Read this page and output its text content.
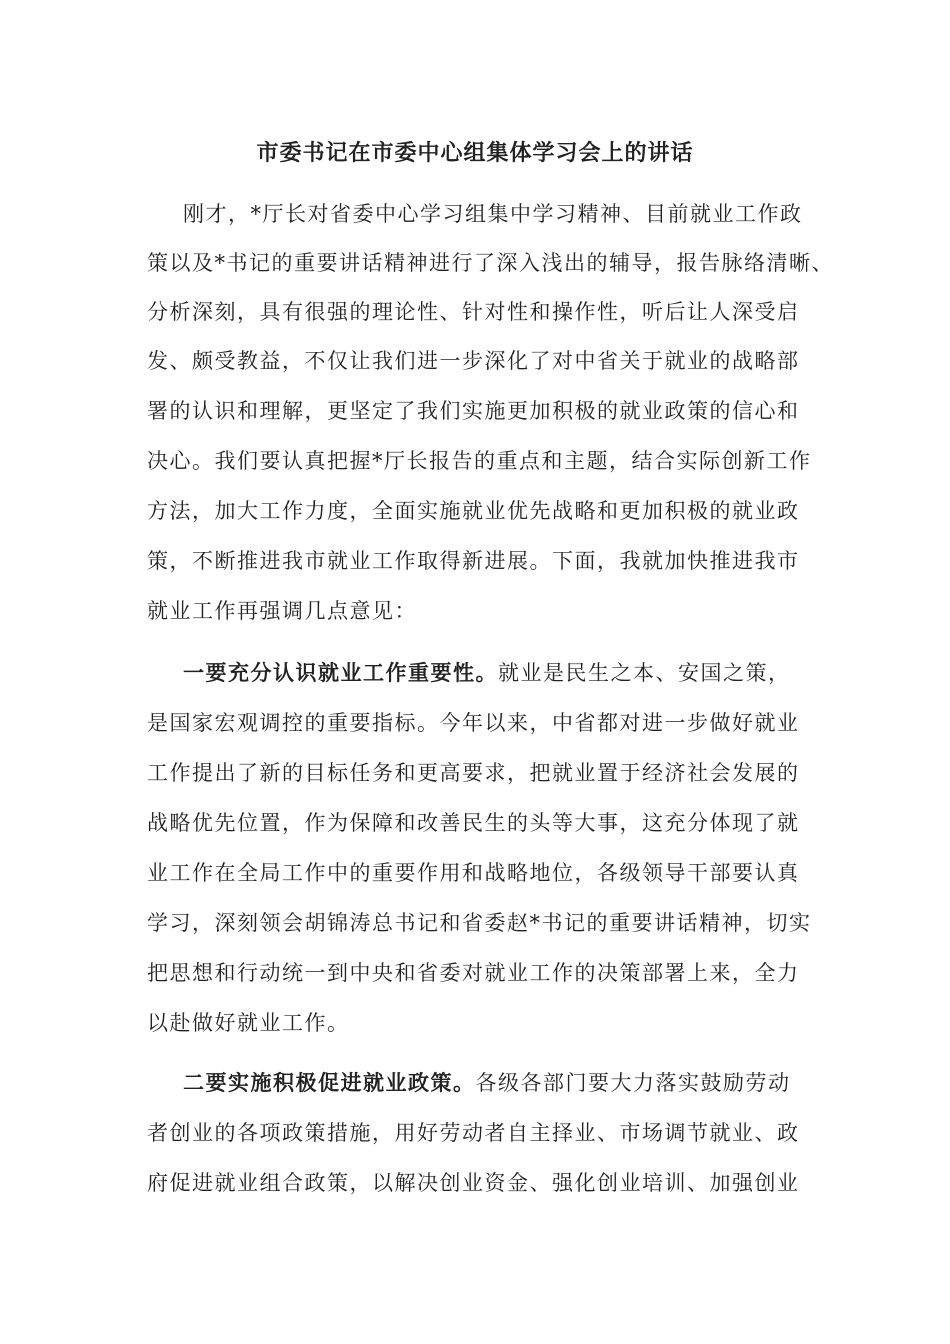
市委书记在市委中心组集体学习会上的讲话
刚才，*厅长对省委中心学习组集中学习精神、目前就业工作政
策以及*书记的重要讲话精神进行了深入浅出的辅导，报告脉络清晰、
分析深刻，具有很强的理论性、针对性和操作性，听后让人深受启
发、颇受教益，不仅让我们进一步深化了对中省关于就业的战略部
署的认识和理解，更坚定了我们实施更加积极的就业政策的信心和
决心。我们要认真把握*厅长报告的重点和主题，结合实际创新工作
方法，加大工作力度，全面实施就业优先战略和更加积极的就业政
策，不断推进我市就业工作取得新进展。下面，我就加快推进我市
就业工作再强调几点意见：
一要充分认识就业工作重要性。就业是民生之本、安国之策，
是国家宏观调控的重要指标。今年以来，中省都对进一步做好就业
工作提出了新的目标任务和更高要求，把就业置于经济社会发展的
战略优先位置，作为保障和改善民生的头等大事，这充分体现了就
业工作在全局工作中的重要作用和战略地位，各级领导干部要认真
学习，深刻领会胡锦涛总书记和省委赵*书记的重要讲话精神，切实
把思想和行动统一到中央和省委对就业工作的决策部署上来，全力
以赴做好就业工作。
二要实施积极促进就业政策。各级各部门要大力落实鼓励劳动
者创业的各项政策措施，用好劳动者自主择业、市场调节就业、政
府促进就业组合政策，以解决创业资金、强化创业培训、加强创业
